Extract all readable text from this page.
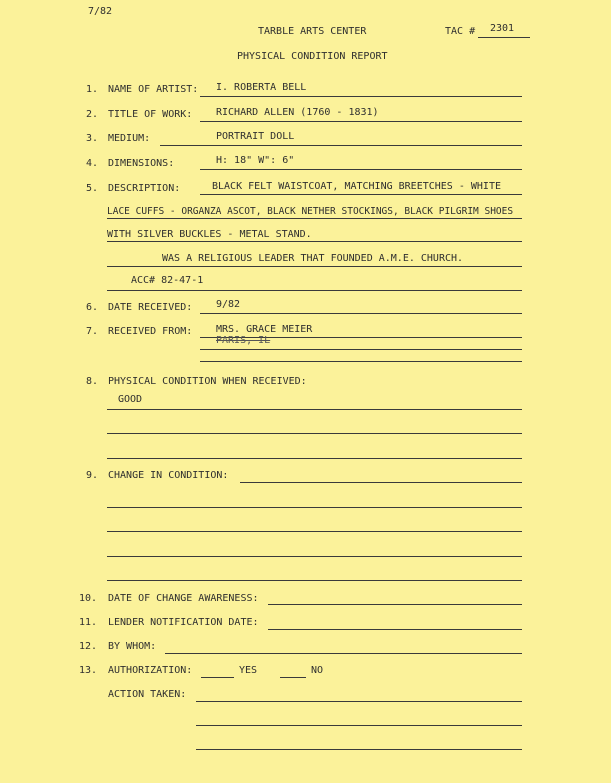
7/82
TARBLE ARTS CENTER	TAC # 2301
PHYSICAL CONDITION REPORT
1. NAME OF ARTIST: I. ROBERTA BELL
2. TITLE OF WORK: RICHARD ALLEN (1760 - 1831)
3. MEDIUM:	PORTRAIT DOLL
4. DIMENSIONS:	H: 18" W": 6"
5. DESCRIPTION:	BLACK FELT WAISTCOAT, MATCHING BREETCHES - WHITE
LACE CUFFS - ORGANZA ASCOT, BLACK NETHER STOCKINGS, BLACK PILGRIM SHOES
WITH SILVER BUCKLES - METAL STAND.
WAS A RELIGIOUS LEADER THAT FOUNDED A.M.E. CHURCH.
ACC# 82-47-1
6. DATE RECEIVED: 9/82
7. RECEIVED FROM: MRS. GRACE MEIER
PARIS, IL
8. PHYSICAL CONDITION WHEN RECEIVED:
GOOD
9. CHANGE IN CONDITION:
10. DATE OF CHANGE AWARENESS:
11. LENDER NOTIFICATION DATE:
12. BY WHOM:
13. AUTHORIZATION:	YES	NO
ACTION TAKEN:
